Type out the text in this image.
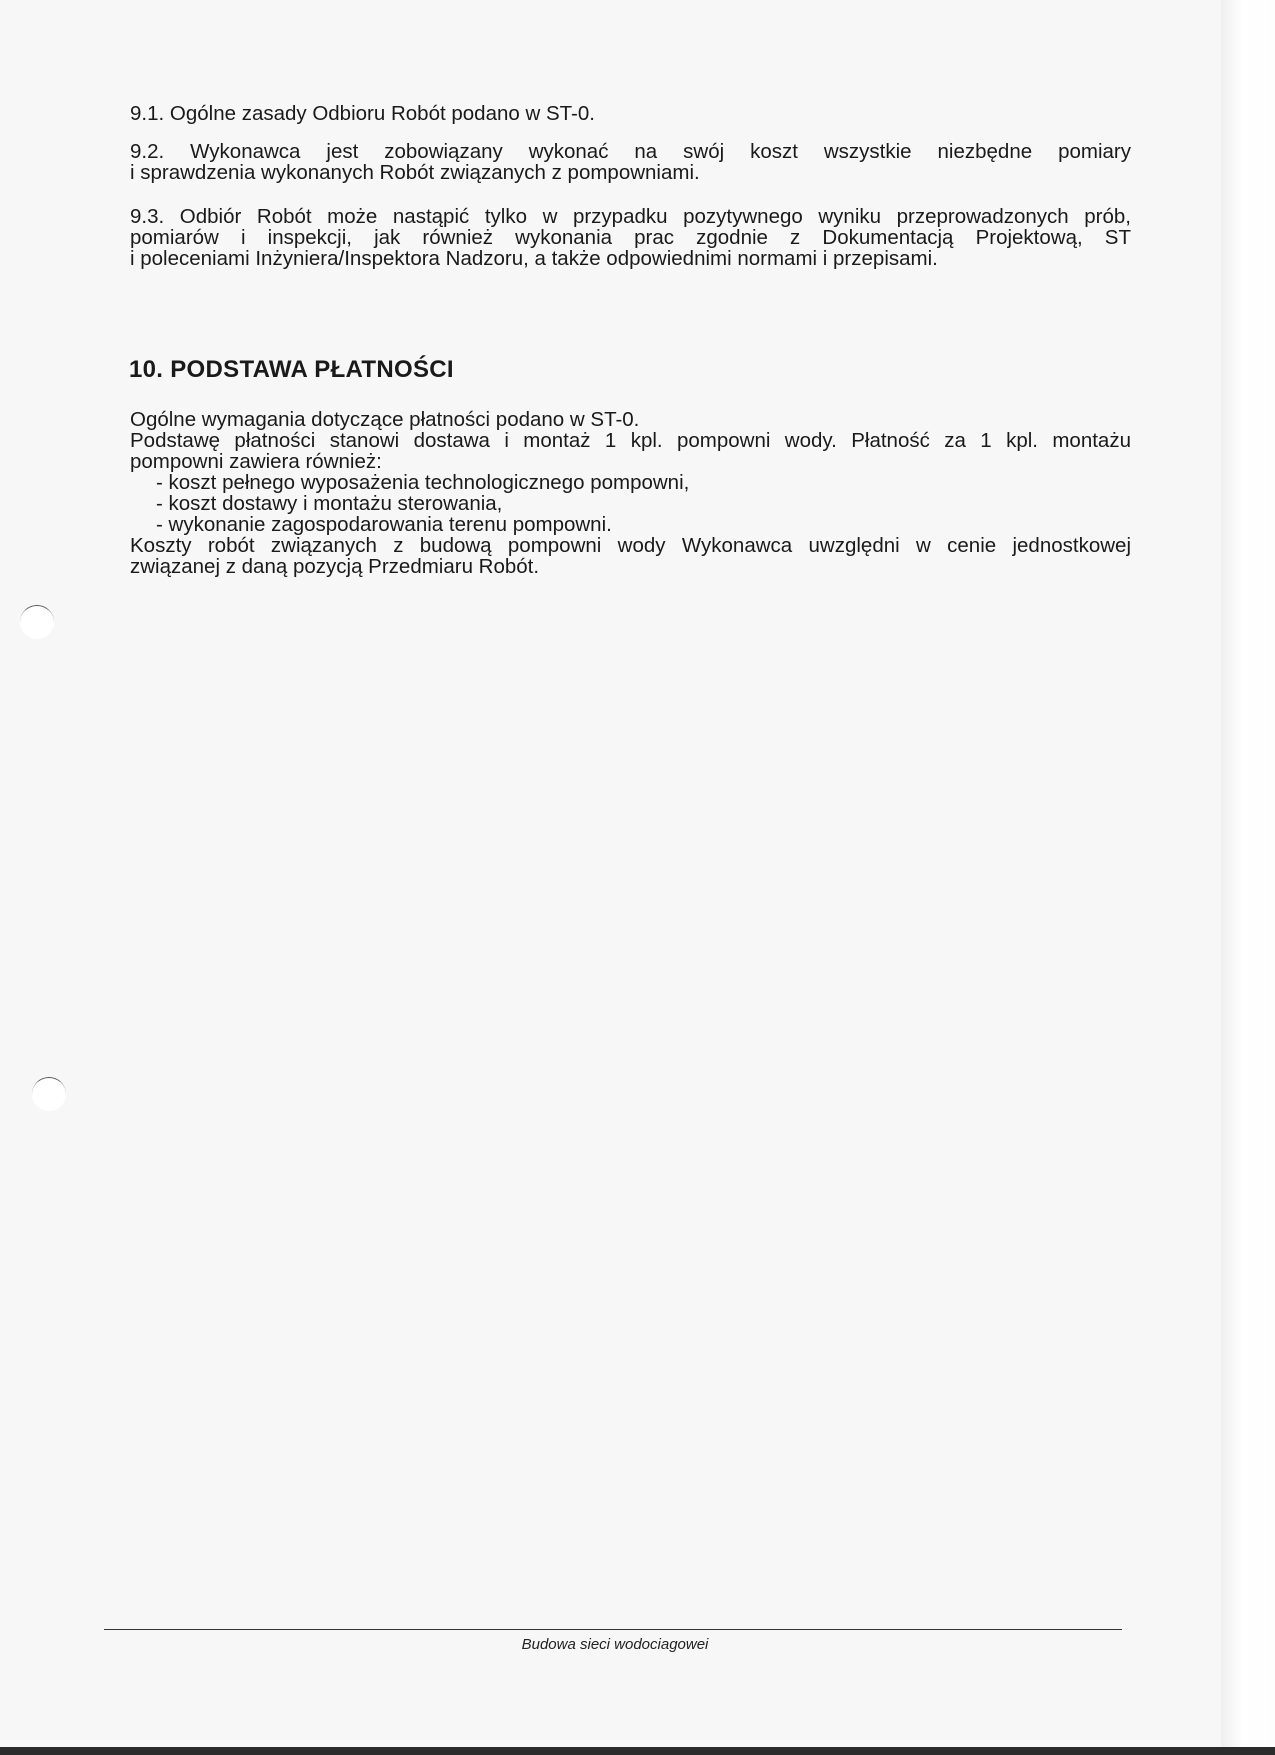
9.1. Ogólne zasady Odbioru Robót podano w ST-0.

9.2. Wykonawca jest zobowiązany wykonać na swój koszt wszystkie niezbędne pomiary
i sprawdzenia wykonanych Robót związanych z pompowniami.

9.3. Odbiór Robót może nastąpić tylko w przypadku pozytywnego wyniku przeprowadzonych prób,
pomiarów i inspekcji, jak również wykonania prac zgodnie z Dokumentacją Projektową, ST
i poleceniami Inżyniera/Inspektora Nadzoru, a także odpowiednimi normami i przepisami.

10. PODSTAWA PŁATNOŚCI
Ogólne wymagania dotyczące płatności podano w ST-0.
Podstawę płatności stanowi dostawa i montaż 1 kpl. pompowni wody. Płatność za 1 kpl. montażu
pompowni zawiera również:
- koszt pełnego wyposażenia technologicznego pompowni,
- koszt dostawy i montażu sterowania,
- wykonanie zagospodarowania terenu pompowni.
Koszty robót związanych z budową pompowni wody Wykonawca uwzględni w cenie jednostkowej
związanej z daną pozycją Przedmiaru Robót.
Budowa sieci wodociagowei
